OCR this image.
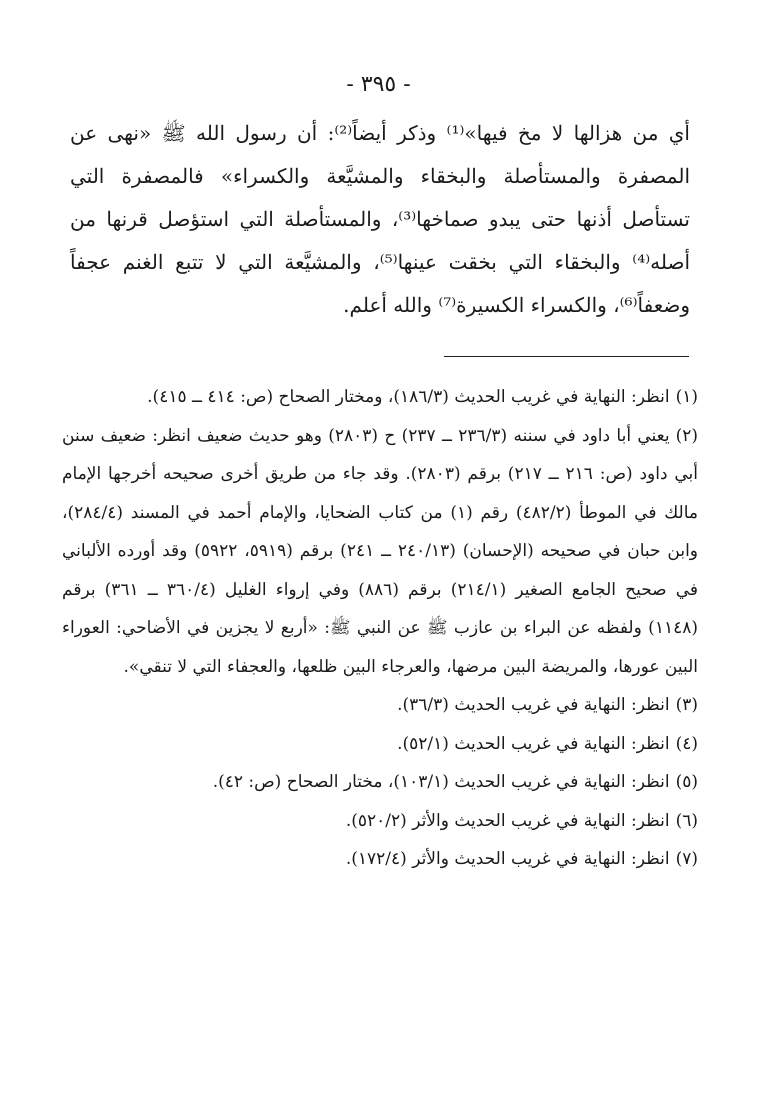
- ٣٩٥ -

أي من هزالها لا مخ فيها»⁽¹⁾ وذكر أيضاً⁽²⁾: أن رسول الله ﷺ «نهى عن المصفرة والمستأصلة والبخقاء والمشيَّعة والكسراء» فالمصفرة التي تستأصل أذنها حتى يبدو صماخها⁽³⁾، والمستأصلة التي استؤصل قرنها من أصله⁽⁴⁾ والبخقاء التي بخقت عينها⁽⁵⁾، والمشيَّعة التي لا تتبع الغنم عجفاً وضعفاً⁽⁶⁾، والكسراء الكسيرة⁽⁷⁾ والله أعلم.

(١)انظر: النهاية في غريب الحديث (١٨٦/٣)، ومختار الصحاح (ص: ٤١٤ ــ ٤١٥).

(٢)يعني أبا داود في سننه (٢٣٦/٣ ــ ٢٣٧) ح (٢٨٠٣) وهو حديث ضعيف انظر: ضعيف سنن أبي داود (ص: ٢١٦ ــ ٢١٧) برقم (٢٨٠٣). وقد جاء من طريق أخرى صحيحه أخرجها الإمام مالك في الموطأ (٤٨٢/٢) رقم (١) من كتاب الضحايا، والإمام أحمد في المسند (٢٨٤/٤)، وابن حبان في صحيحه (الإحسان) (٢٤٠/١٣ ــ ٢٤١) برقم (٥٩١٩، ٥٩٢٢) وقد أورده الألباني في صحيح الجامع الصغير (٢١٤/١) برقم (٨٨٦) وفي إرواء الغليل (٣٦٠/٤ ــ ٣٦١) برقم (١١٤٨) ولفظه عن البراء بن عازب ﷺ عن النبي ﷺ: «أربع لا يجزين في الأضاحي: العوراء البين عورها، والمريضة البين مرضها، والعرجاء البين ظلعها، والعجفاء التي لا تنقي».

(٣)انظر: النهاية في غريب الحديث (٣٦/٣).

(٤)انظر: النهاية في غريب الحديث (٥٢/١).

(٥)انظر: النهاية في غريب الحديث (١٠٣/١)، مختار الصحاح (ص: ٤٢).

(٦)انظر: النهاية في غريب الحديث والأثر (٥٢٠/٢).

(٧)انظر: النهاية في غريب الحديث والأثر (١٧٢/٤).
